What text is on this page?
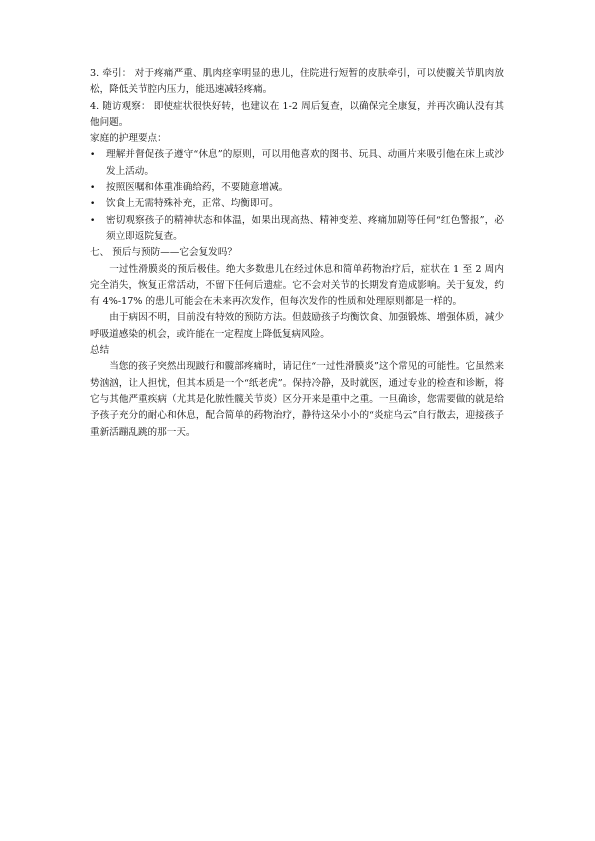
3. 牵引： 对于疼痛严重、肌肉痉挛明显的患儿，住院进行短暂的皮肤牵引，可以使髋关节肌肉放松，降低关节腔内压力，能迅速减轻疼痛。

4. 随访观察： 即使症状很快好转，也建议在 1-2 周后复查，以确保完全康复，并再次确认没有其他问题。

家庭的护理要点：

•	理解并督促孩子遵守“休息”的原则，可以用他喜欢的图书、玩具、动画片来吸引他在床上或沙发上活动。

•	按照医嘱和体重准确给药，不要随意增减。

•	饮食上无需特殊补充，正常、均衡即可。

•	密切观察孩子的精神状态和体温，如果出现高热、精神变差、疼痛加剧等任何“红色警报”，必须立即返院复查。

七、 预后与预防——它会复发吗？

一过性滑膜炎的预后极佳。绝大多数患儿在经过休息和简单药物治疗后，症状在 1 至 2 周内完全消失，恢复正常活动，不留下任何后遗症。它不会对关节的长期发育造成影响。关于复发，约有 4%-17% 的患儿可能会在未来再次发作，但每次发作的性质和处理原则都是一样的。

由于病因不明，目前没有特效的预防方法。但鼓励孩子均衡饮食、加强锻炼、增强体质，减少呼吸道感染的机会，或许能在一定程度上降低复病风险。

总结

当您的孩子突然出现跛行和髋部疼痛时，请记住“一过性滑膜炎”这个常见的可能性。它虽然来势汹汹，让人担忧，但其本质是一个“纸老虎”。保持冷静，及时就医，通过专业的检查和诊断，将它与其他严重疾病（尤其是化脓性髋关节炎）区分开来是重中之重。一旦确诊，您需要做的就是给予孩子充分的耐心和休息，配合简单的药物治疗，静待这朵小小的“炎症乌云”自行散去，迎接孩子重新活蹦乱跳的那一天。
